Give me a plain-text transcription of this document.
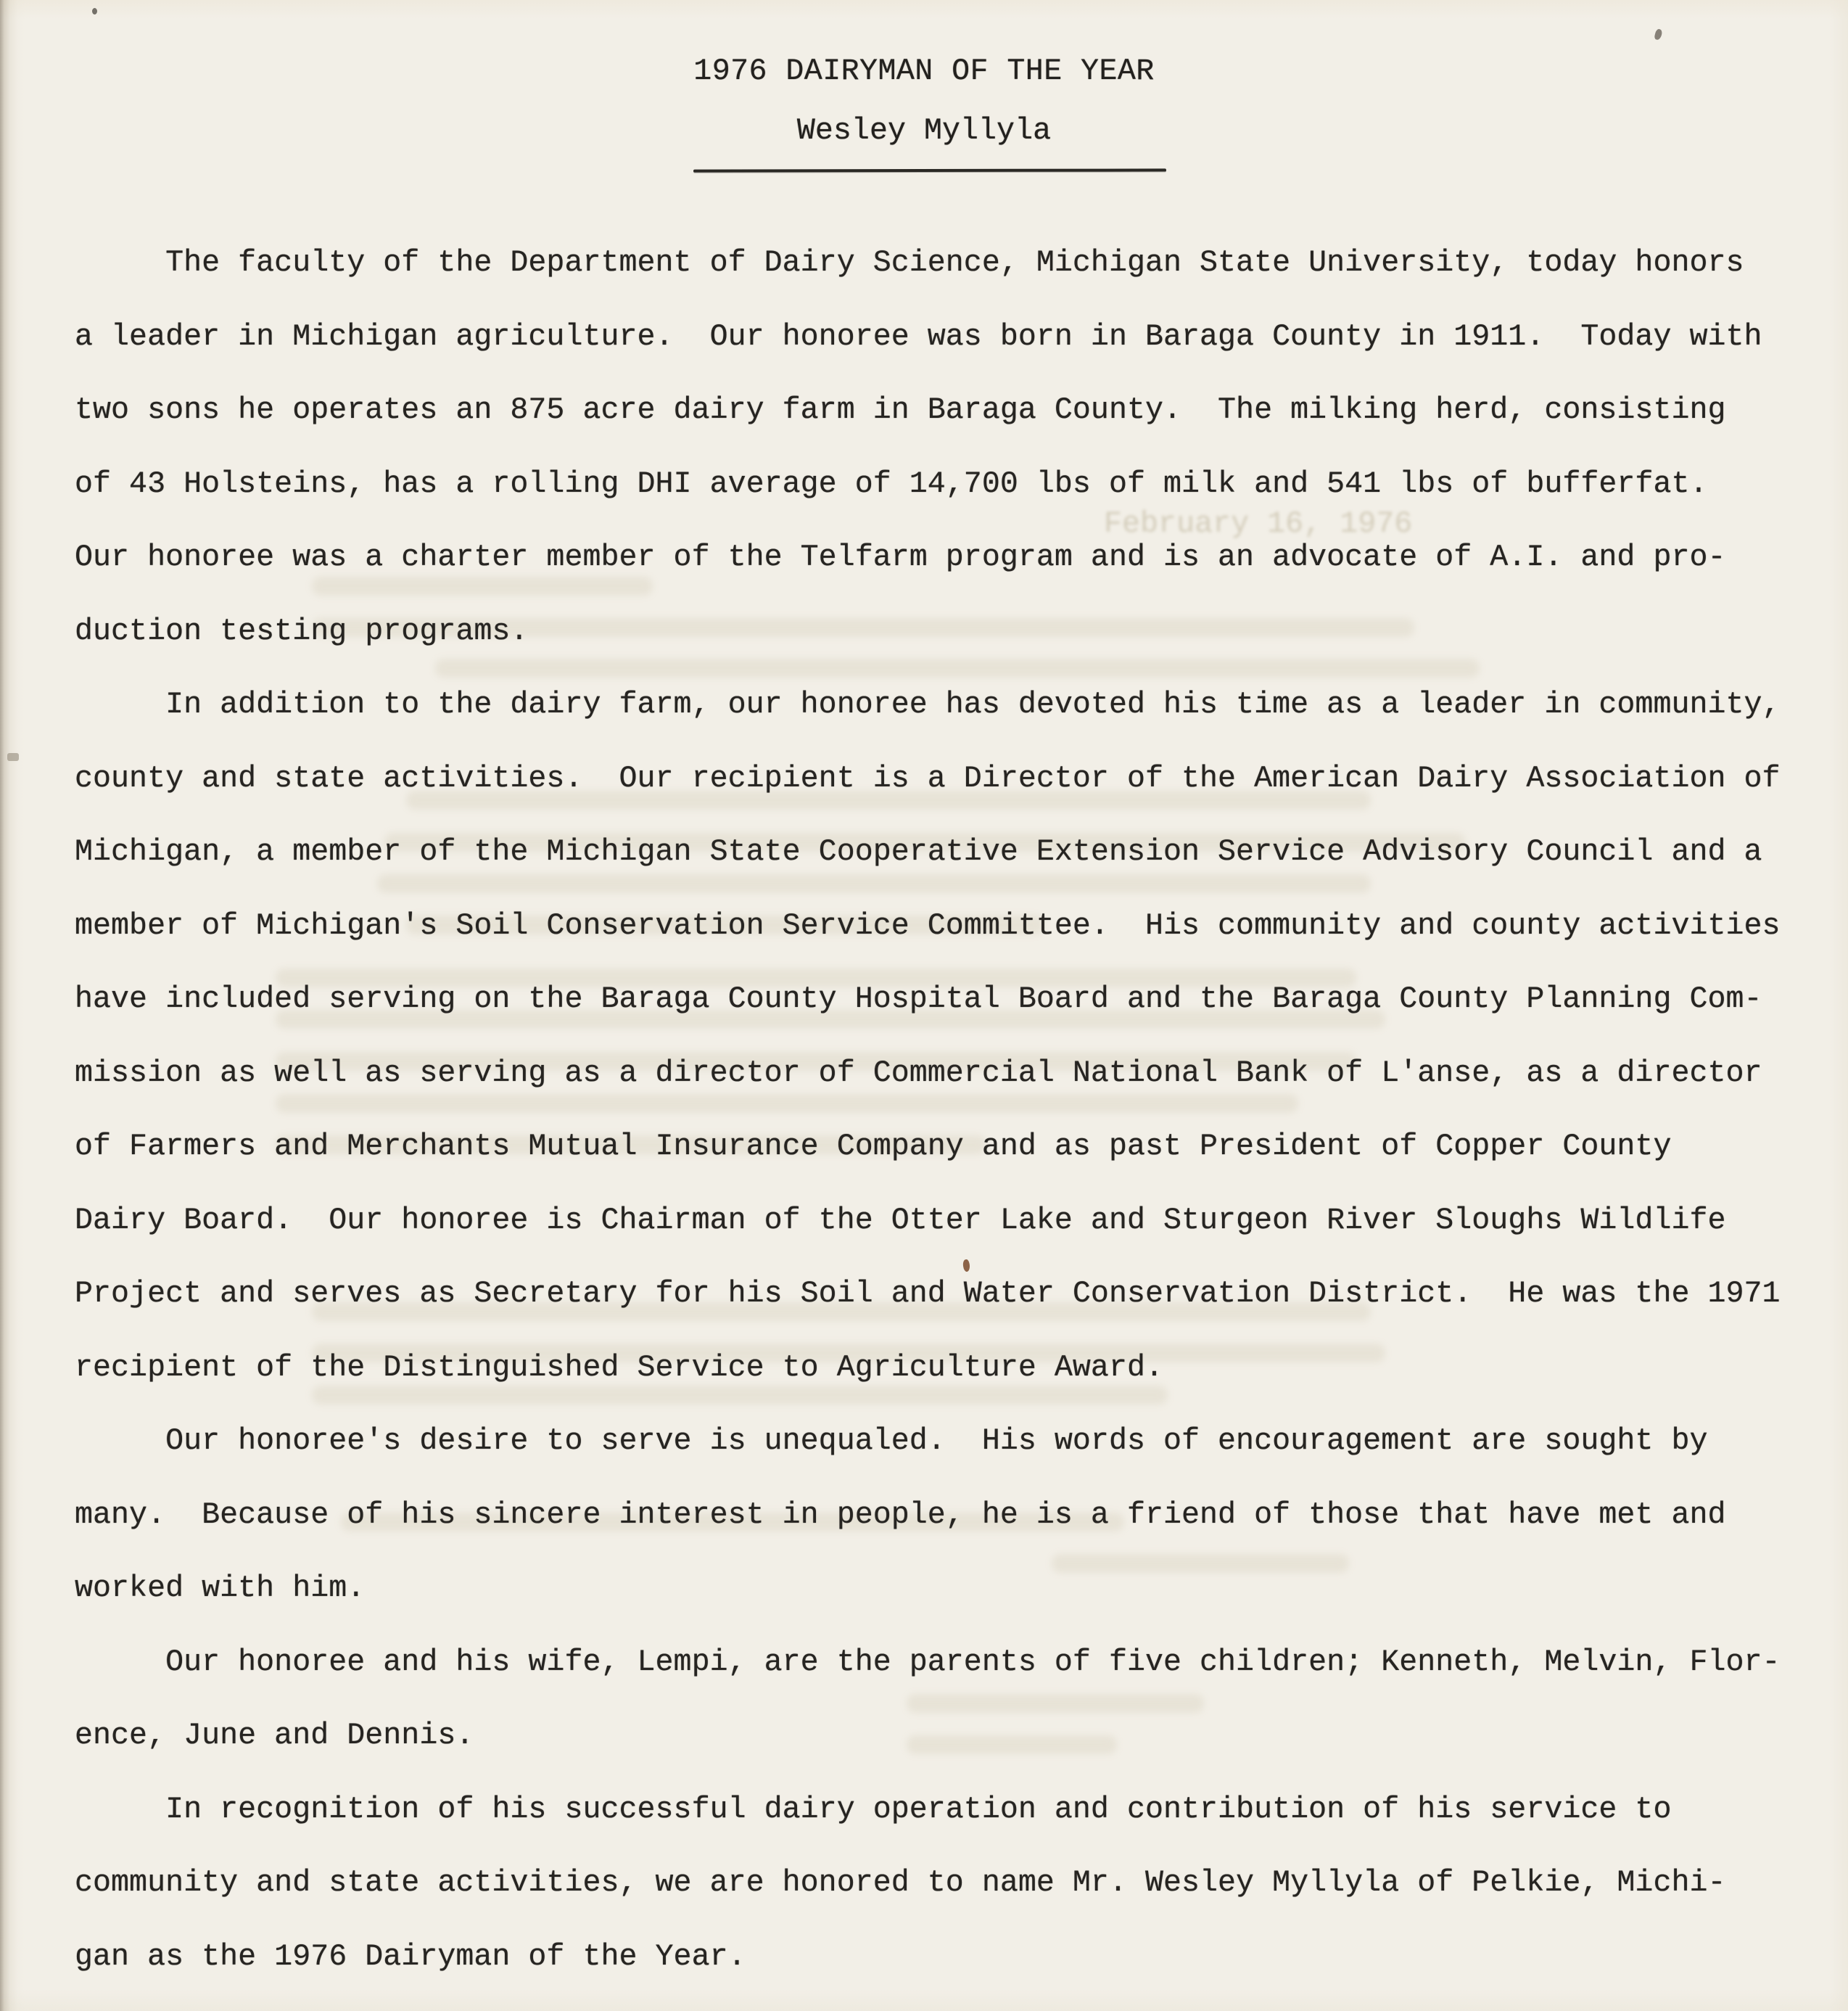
February 16, 1976
1976 DAIRYMAN OF THE YEAR
Wesley Myllyla
The faculty of the Department of Dairy Science, Michigan State University, today honors
a leader in Michigan agriculture.  Our honoree was born in Baraga County in 1911.  Today with
two sons he operates an 875 acre dairy farm in Baraga County.  The milking herd, consisting
of 43 Holsteins, has a rolling DHI average of 14,700 lbs of milk and 541 lbs of bufferfat.
Our honoree was a charter member of the Telfarm program and is an advocate of A.I. and pro-
duction testing programs.
In addition to the dairy farm, our honoree has devoted his time as a leader in community,
county and state activities.  Our recipient is a Director of the American Dairy Association of
Michigan, a member of the Michigan State Cooperative Extension Service Advisory Council and a
member of Michigan's Soil Conservation Service Committee.  His community and county activities
have included serving on the Baraga County Hospital Board and the Baraga County Planning Com-
mission as well as serving as a director of Commercial National Bank of L'anse, as a director
of Farmers and Merchants Mutual Insurance Company and as past President of Copper County
Dairy Board.  Our honoree is Chairman of the Otter Lake and Sturgeon River Sloughs Wildlife
Project and serves as Secretary for his Soil and Water Conservation District.  He was the 1971
recipient of the Distinguished Service to Agriculture Award.
Our honoree's desire to serve is unequaled.  His words of encouragement are sought by
many.  Because of his sincere interest in people, he is a friend of those that have met and
worked with him.
Our honoree and his wife, Lempi, are the parents of five children; Kenneth, Melvin, Flor-
ence, June and Dennis.
In recognition of his successful dairy operation and contribution of his service to
community and state activities, we are honored to name Mr. Wesley Myllyla of Pelkie, Michi-
gan as the 1976 Dairyman of the Year.
